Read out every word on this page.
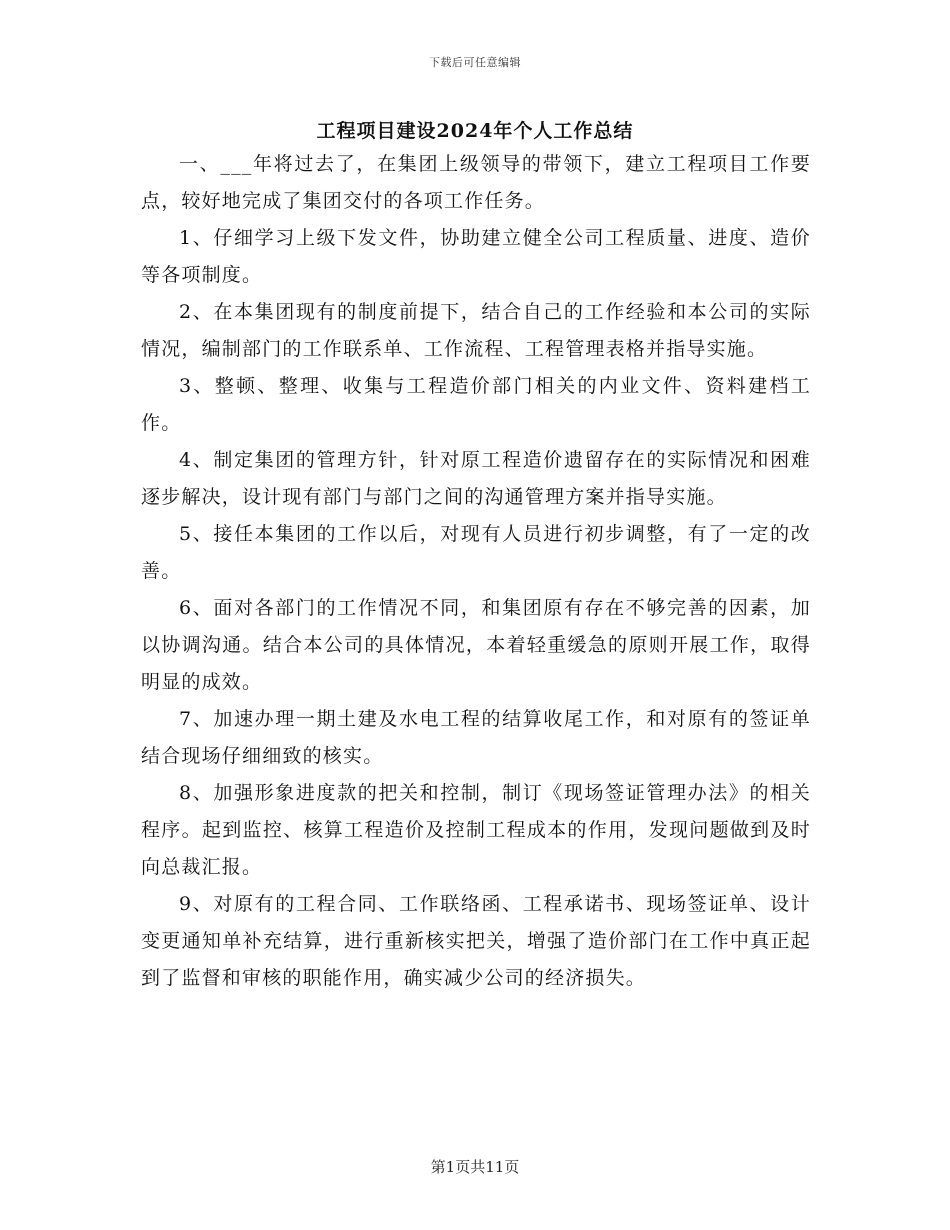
下载后可任意编辑
工程项目建设2024年个人工作总结

一、___年将过去了，在集团上级领导的带领下，建立工程项目工作要点，较好地完成了集团交付的各项工作任务。

1、仔细学习上级下发文件，协助建立健全公司工程质量、进度、造价等各项制度。

2、在本集团现有的制度前提下，结合自己的工作经验和本公司的实际情况，编制部门的工作联系单、工作流程、工程管理表格并指导实施。

3、整顿、整理、收集与工程造价部门相关的内业文件、资料建档工作。

4、制定集团的管理方针，针对原工程造价遗留存在的实际情况和困难逐步解决，设计现有部门与部门之间的沟通管理方案并指导实施。

5、接任本集团的工作以后，对现有人员进行初步调整，有了一定的改善。

6、面对各部门的工作情况不同，和集团原有存在不够完善的因素，加以协调沟通。结合本公司的具体情况，本着轻重缓急的原则开展工作，取得明显的成效。

7、加速办理一期土建及水电工程的结算收尾工作，和对原有的签证单结合现场仔细细致的核实。

8、加强形象进度款的把关和控制，制订《现场签证管理办法》的相关程序。起到监控、核算工程造价及控制工程成本的作用，发现问题做到及时向总裁汇报。

9、对原有的工程合同、工作联络函、工程承诺书、现场签证单、设计变更通知单补充结算，进行重新核实把关，增强了造价部门在工作中真正起到了监督和审核的职能作用，确实减少公司的经济损失。

第1页共11页
